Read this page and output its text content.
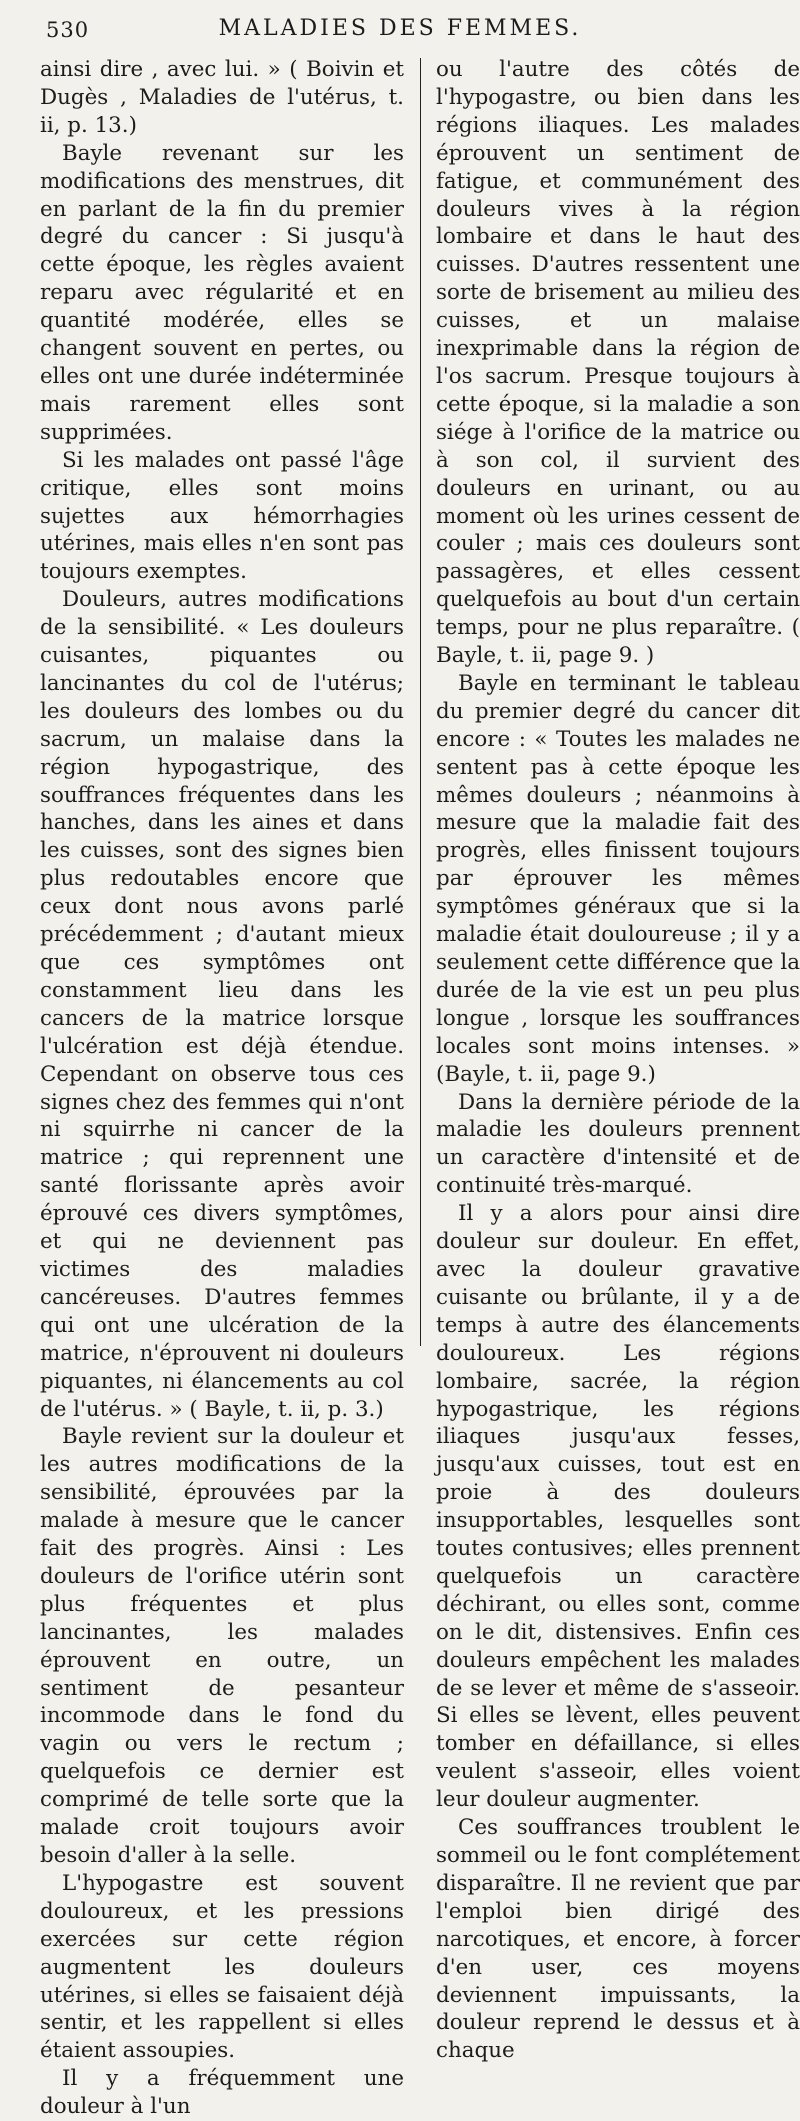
530	MALADIES DES FEMMES.

ainsi dire , avec lui. » ( Boivin et Dugès , Maladies de l'utérus, t. ii, p. 13.)

Bayle revenant sur les modifications des menstrues, dit en parlant de la fin du premier degré du cancer : Si jusqu'à cette époque, les règles avaient reparu avec régularité et en quantité modérée, elles se changent souvent en pertes, ou elles ont une durée indéterminée mais rarement elles sont supprimées.

Si les malades ont passé l'âge critique, elles sont moins sujettes aux hémorrhagies utérines, mais elles n'en sont pas toujours exemptes.

Douleurs, autres modifications de la sensibilité. « Les douleurs cuisantes, piquantes ou lancinantes du col de l'utérus; les douleurs des lombes ou du sacrum, un malaise dans la région hypogastrique, des souffrances fréquentes dans les hanches, dans les aines et dans les cuisses, sont des signes bien plus redoutables encore que ceux dont nous avons parlé précédemment ; d'autant mieux que ces symptômes ont constamment lieu dans les cancers de la matrice lorsque l'ulcération est déjà étendue. Cependant on observe tous ces signes chez des femmes qui n'ont ni squirrhe ni cancer de la matrice ; qui reprennent une santé florissante après avoir éprouvé ces divers symptômes, et qui ne deviennent pas victimes des maladies cancéreuses. D'autres femmes qui ont une ulcération de la matrice, n'éprouvent ni douleurs piquantes, ni élancements au col de l'utérus. » ( Bayle, t. ii, p. 3.)

Bayle revient sur la douleur et les autres modifications de la sensibilité, éprouvées par la malade à mesure que le cancer fait des progrès. Ainsi : Les douleurs de l'orifice utérin sont plus fréquentes et plus lancinantes, les malades éprouvent en outre, un sentiment de pesanteur incommode dans le fond du vagin ou vers le rectum ; quelquefois ce dernier est comprimé de telle sorte que la malade croit toujours avoir besoin d'aller à la selle.

L'hypogastre est souvent douloureux, et les pressions exercées sur cette région augmentent les douleurs utérines, si elles se faisaient déjà sentir, et les rappellent si elles étaient assoupies.

Il y a fréquemment une douleur à l'un

ou l'autre des côtés de l'hypogastre, ou bien dans les régions iliaques. Les malades éprouvent un sentiment de fatigue, et communément des douleurs vives à la région lombaire et dans le haut des cuisses. D'autres ressentent une sorte de brisement au milieu des cuisses, et un malaise inexprimable dans la région de l'os sacrum. Presque toujours à cette époque, si la maladie a son siége à l'orifice de la matrice ou à son col, il survient des douleurs en urinant, ou au moment où les urines cessent de couler ; mais ces douleurs sont passagères, et elles cessent quelquefois au bout d'un certain temps, pour ne plus reparaître. ( Bayle, t. ii, page 9. )

Bayle en terminant le tableau du premier degré du cancer dit encore : « Toutes les malades ne sentent pas à cette époque les mêmes douleurs ; néanmoins à mesure que la maladie fait des progrès, elles finissent toujours par éprouver les mêmes symptômes généraux que si la maladie était douloureuse ; il y a seulement cette différence que la durée de la vie est un peu plus longue , lorsque les souffrances locales sont moins intenses. » (Bayle, t. ii, page 9.)

Dans la dernière période de la maladie les douleurs prennent un caractère d'intensité et de continuité très-marqué.

Il y a alors pour ainsi dire douleur sur douleur. En effet, avec la douleur gravative cuisante ou brûlante, il y a de temps à autre des élancements douloureux. Les régions lombaire, sacrée, la région hypogastrique, les régions iliaques jusqu'aux fesses, jusqu'aux cuisses, tout est en proie à des douleurs insupportables, lesquelles sont toutes contusives; elles prennent quelquefois un caractère déchirant, ou elles sont, comme on le dit, distensives. Enfin ces douleurs empêchent les malades de se lever et même de s'asseoir. Si elles se lèvent, elles peuvent tomber en défaillance, si elles veulent s'asseoir, elles voient leur douleur augmenter.

Ces souffrances troublent le sommeil ou le font complétement disparaître. Il ne revient que par l'emploi bien dirigé des narcotiques, et encore, à forcer d'en user, ces moyens deviennent impuissants, la douleur reprend le dessus et à chaque
